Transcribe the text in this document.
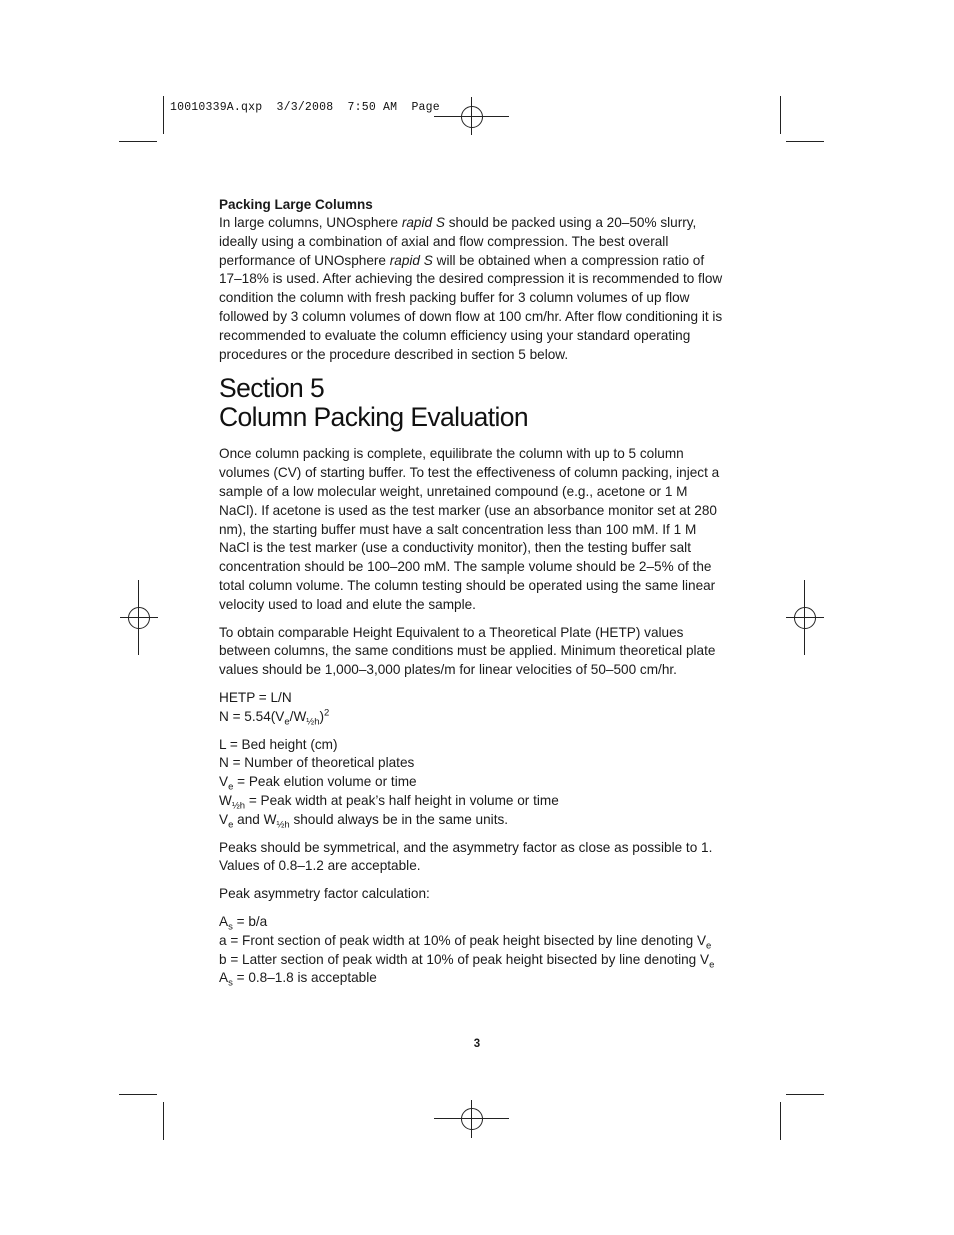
10010339A.qxp  3/3/2008  7:50 AM  Page
Packing Large Columns

In large columns, UNOsphere rapid S should be packed using a 20–50% slurry, ideally using a combination of axial and flow compression. The best overall performance of UNOsphere rapid S will be obtained when a compression ratio of 17–18% is used. After achieving the desired compression it is recommended to flow condition the column with fresh packing buffer for 3 column volumes of up flow followed by 3 column volumes of down flow at 100 cm/hr. After flow conditioning it is recommended to evaluate the column efficiency using your standard operating procedures or the procedure described in section 5 below.

Section 5
Column Packing Evaluation

Once column packing is complete, equilibrate the column with up to 5 column volumes (CV) of starting buffer. To test the effectiveness of column packing, inject a sample of a low molecular weight, unretained compound (e.g., acetone or 1 M NaCl). If acetone is used as the test marker (use an absorbance monitor set at 280 nm), the starting buffer must have a salt concentration less than 100 mM. If 1 M NaCl is the test marker (use a conductivity monitor), then the testing buffer salt concentration should be 100–200 mM. The sample volume should be 2–5% of the total column volume. The column testing should be operated using the same linear velocity used to load and elute the sample.

To obtain comparable Height Equivalent to a Theoretical Plate (HETP) values between columns, the same conditions must be applied. Minimum theoretical plate values should be 1,000–3,000 plates/m for linear velocities of 50–500 cm/hr.

HETP = L/N
$N = 5.54(V_e/W_{\frac{1}{2}h})^2$

L = Bed height (cm)
N = Number of theoretical plates
$V_e$ = Peak elution volume or time
$W_{\frac{1}{2}h}$ = Peak width at peak’s half height in volume or time
$V_e$ and $W_{\frac{1}{2}h}$ should always be in the same units.

Peaks should be symmetrical, and the asymmetry factor as close as possible to 1. Values of 0.8–1.2 are acceptable.

Peak asymmetry factor calculation:

$A_s = b/a$
a = Front section of peak width at 10% of peak height bisected by line denoting $V_e$
b = Latter section of peak width at 10% of peak height bisected by line denoting $V_e$
$A_s = 0.8-1.8$ is acceptable

3
